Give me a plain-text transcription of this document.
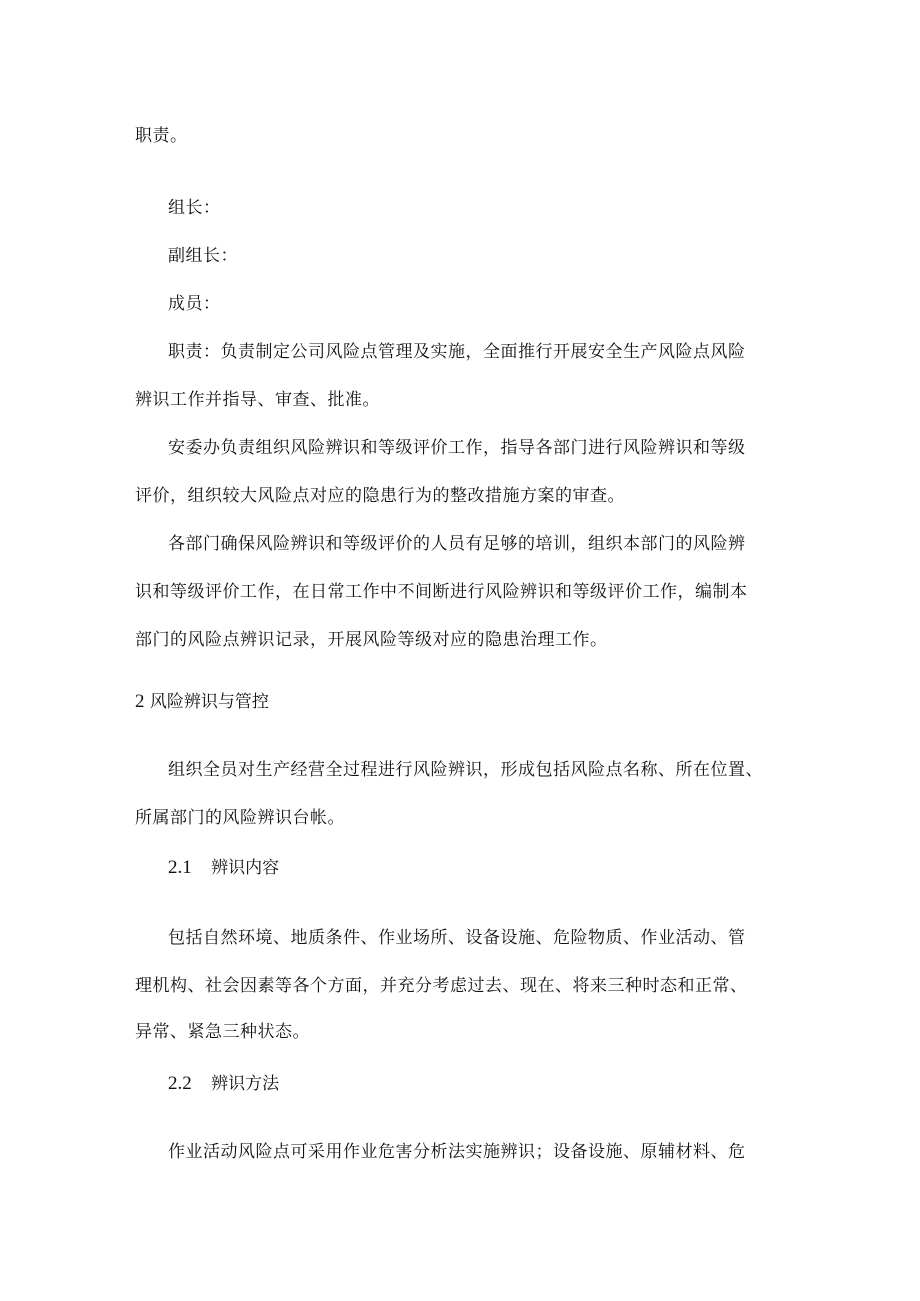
职责。
组长：
副组长：
成员：
职责：负责制定公司风险点管理及实施，全面推行开展安全生产风险点风险
辨识工作并指导、审查、批准。
安委办负责组织风险辨识和等级评价工作，指导各部门进行风险辨识和等级
评价，组织较大风险点对应的隐患行为的整改措施方案的审查。
各部门确保风险辨识和等级评价的人员有足够的培训，组织本部门的风险辨
识和等级评价工作，在日常工作中不间断进行风险辨识和等级评价工作，编制本
部门的风险点辨识记录，开展风险等级对应的隐患治理工作。
2 风险辨识与管控
组织全员对生产经营全过程进行风险辨识，形成包括风险点名称、所在位置、
所属部门的风险辨识台帐。
2.1 辨识内容
包括自然环境、地质条件、作业场所、设备设施、危险物质、作业活动、管
理机构、社会因素等各个方面，并充分考虑过去、现在、将来三种时态和正常、
异常、紧急三种状态。
2.2 辨识方法
作业活动风险点可采用作业危害分析法实施辨识；设备设施、原辅材料、危
